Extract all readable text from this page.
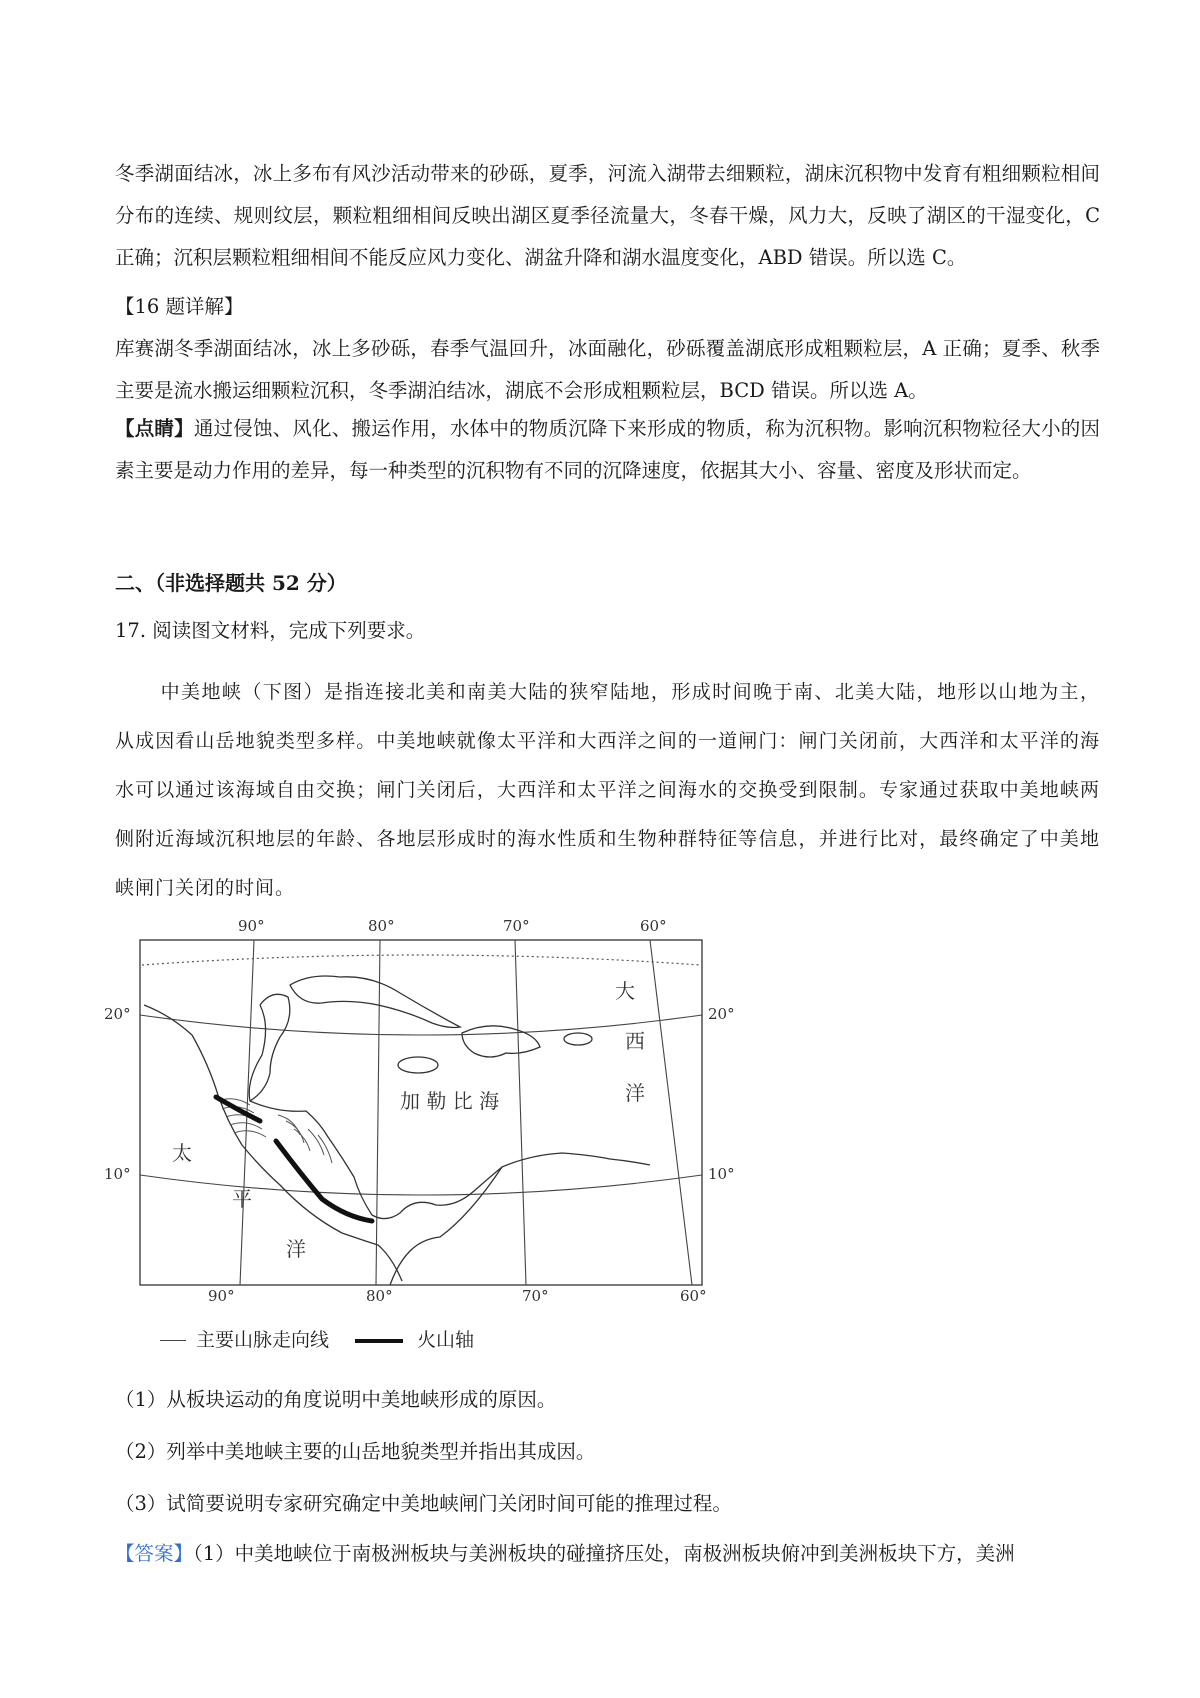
冬季湖面结冰，冰上多布有风沙活动带来的砂砾，夏季，河流入湖带去细颗粒，湖床沉积物中发育有粗细颗粒相间分布的连续、规则纹层，颗粒粗细相间反映出湖区夏季径流量大，冬春干燥，风力大，反映了湖区的干湿变化，C 正确；沉积层颗粒粗细相间不能反应风力变化、湖盆升降和湖水温度变化，ABD 错误。所以选 C。

【16 题详解】

库赛湖冬季湖面结冰，冰上多砂砾，春季气温回升，冰面融化，砂砾覆盖湖底形成粗颗粒层，A 正确；夏季、秋季主要是流水搬运细颗粒沉积，冬季湖泊结冰，湖底不会形成粗颗粒层，BCD 错误。所以选 A。

【点睛】通过侵蚀、风化、搬运作用，水体中的物质沉降下来形成的物质，称为沉积物。影响沉积物粒径大小的因素主要是动力作用的差异，每一种类型的沉积物有不同的沉降速度，依据其大小、容量、密度及形状而定。

二、（非选择题共 52 分）

17. 阅读图文材料，完成下列要求。

中美地峡（下图）是指连接北美和南美大陆的狭窄陆地，形成时间晚于南、北美大陆，地形以山地为主，从成因看山岳地貌类型多样。中美地峡就像太平洋和大西洋之间的一道闸门：闸门关闭前，大西洋和太平洋的海水可以通过该海域自由交换；闸门关闭后，大西洋和太平洋之间海水的交换受到限制。专家通过获取中美地峡两侧附近海域沉积地层的年龄、各地层形成时的海水性质和生物种群特征等信息，并进行比对，最终确定了中美地峡闸门关闭的时间。

90°	80°	70°	60°
90°	80°	70°	60°
20°
10°
20°
10°
大
西
洋
加 勒 比 海
太
平
洋
主要山脉走向线	火山轴

（1）从板块运动的角度说明中美地峡形成的原因。

（2）列举中美地峡主要的山岳地貌类型并指出其成因。

（3）试简要说明专家研究确定中美地峡闸门关闭时间可能的推理过程。

【答案】（1）中美地峡位于南极洲板块与美洲板块的碰撞挤压处，南极洲板块俯冲到美洲板块下方，美洲
